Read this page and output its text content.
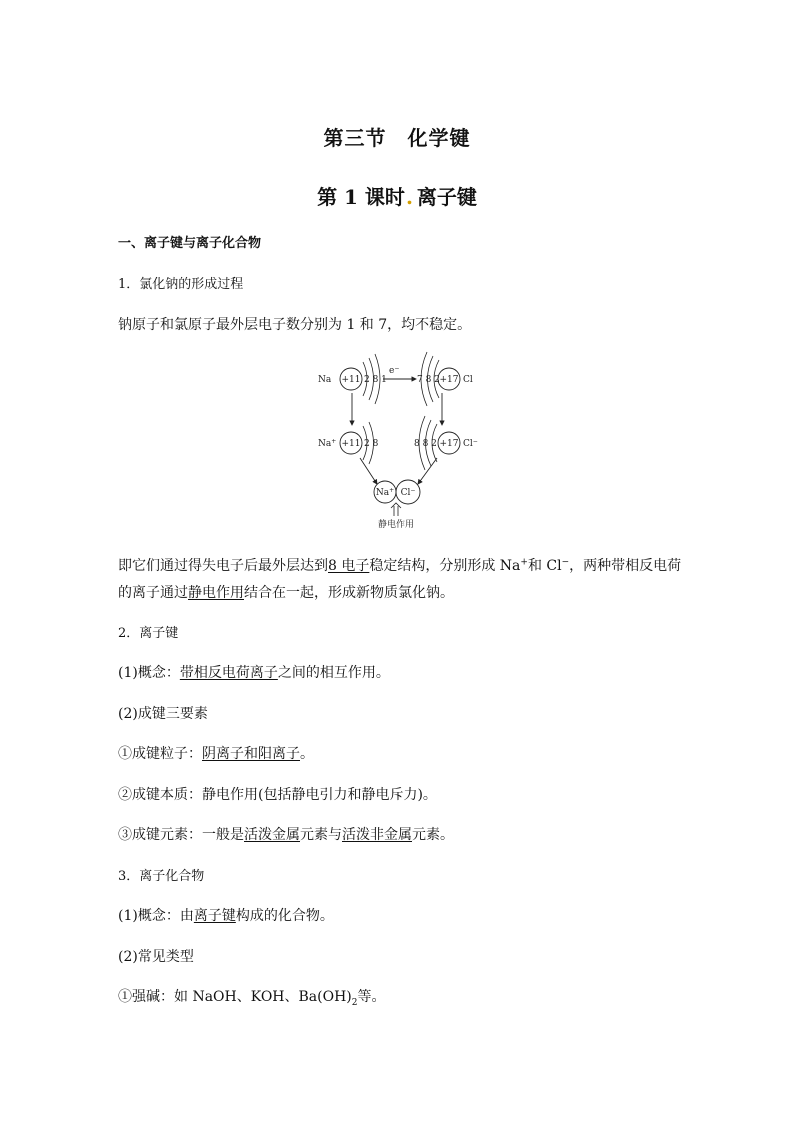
第三节　化学键
第 1 课时. 离子键
一、离子键与离子化合物
1．氯化钠的形成过程
钠原子和氯原子最外层电子数分别为 1 和 7，均不稳定。
Na +11 2 8 1
e−
7 8 2 +17 Cl
Na+ +11 2 8	8 8 2 +17 Cl−
Na+ Cl−
静电作用
即它们通过得失电子后最外层达到8 电子稳定结构，分别形成 Na+和 Cl−，两种带相反电荷
的离子通过静电作用结合在一起，形成新物质氯化钠。
2．离子键
(1)概念：带相反电荷离子之间的相互作用。
(2)成键三要素
①成键粒子：阴离子和阳离子。
②成键本质：静电作用(包括静电引力和静电斥力)。
③成键元素：一般是活泼金属元素与活泼非金属元素。
3．离子化合物
(1)概念：由离子键构成的化合物。
(2)常见类型
①强碱：如 NaOH、KOH、$Ba(OH)_2$等。
